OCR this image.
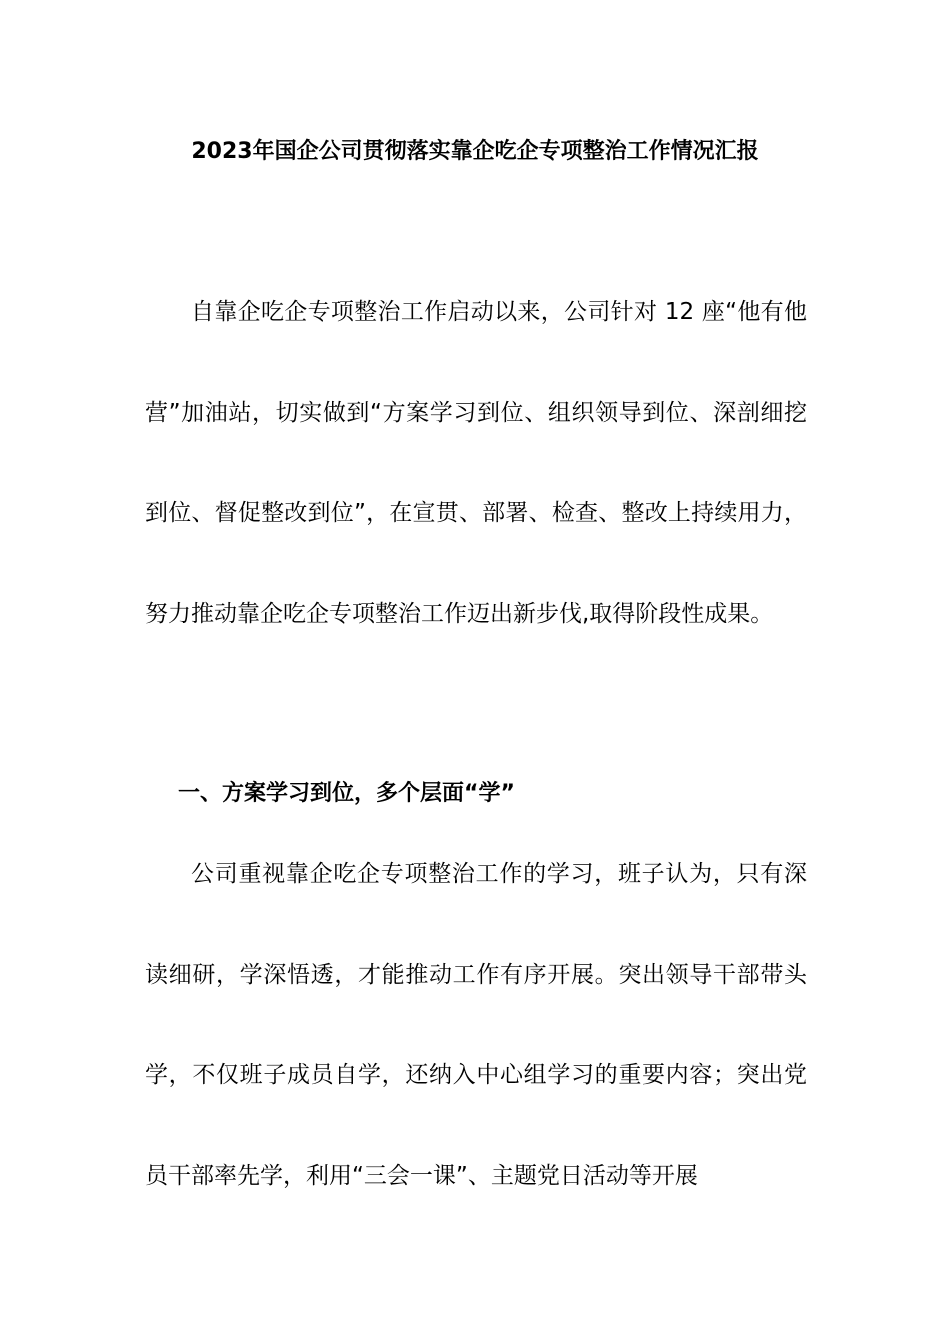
2023年国企公司贯彻落实靠企吃企专项整治工作情况汇报

自靠企吃企专项整治工作启动以来，公司针对 12 座“他有他营”加油站，切实做到“方案学习到位、组织领导到位、深剖细挖到位、督促整改到位”，在宣贯、部署、检查、整改上持续用力，努力推动靠企吃企专项整治工作迈出新步伐,取得阶段性成果。

一、方案学习到位，多个层面“学”

公司重视靠企吃企专项整治工作的学习，班子认为，只有深读细研，学深悟透，才能推动工作有序开展。突出领导干部带头学，不仅班子成员自学，还纳入中心组学习的重要内容；突出党员干部率先学，利用“三会一课”、主题党日活动等开展
